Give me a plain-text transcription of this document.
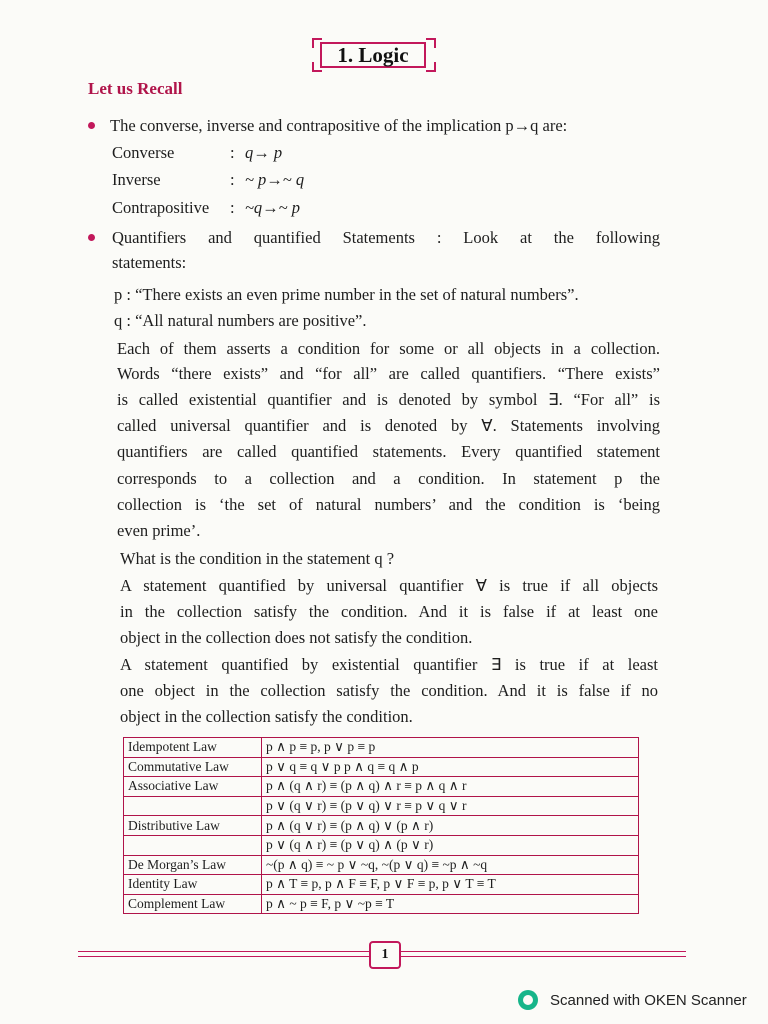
1. Logic
Let us Recall
The converse, inverse and contrapositive of the implication p→q are:
Converse	: q→ p
Inverse	: ~ p→~ q
Contrapositive : ~q→~ p
Quantifiers and quantified Statements : Look at the following
statements:
p : “There exists an even prime number in the set of natural numbers”.
q : “All natural numbers are positive”.
Each of them asserts a condition for some or all objects in a collection.
Words “there exists” and “for all” are called quantifiers. “There exists”
is called existential quantifier and is denoted by symbol ∃. “For all” is
called universal quantifier and is denoted by ∀. Statements involving
quantifiers are called quantified statements. Every quantified statement
corresponds to a collection and a condition. In statement p the
collection is ‘the set of natural numbers’ and the condition is ‘being
even prime’.
What is the condition in the statement q ?
A statement quantified by universal quantifier ∀ is true if all objects
in the collection satisfy the condition. And it is false if at least one
object in the collection does not satisfy the condition.
A statement quantified by existential quantifier ∃ is true if at least
one object in the collection satisfy the condition. And it is false if no
object in the collection satisfy the condition.
Idempotent Law	p ∧ p ≡ p, p ∨ p ≡ p
Commutative Law	p ∨ q ≡ q ∨ p p ∧ q ≡ q ∧ p
Associative Law	p ∧ (q ∧ r) ≡ (p ∧ q) ∧ r ≡ p ∧ q ∧ r
	p ∨ (q ∨ r) ≡ (p ∨ q) ∨ r ≡ p ∨ q ∨ r
Distributive Law	p ∧ (q ∨ r) ≡ (p ∧ q) ∨ (p ∧ r)
	p ∨ (q ∧ r) ≡ (p ∨ q) ∧ (p ∨ r)
De Morgan’s Law	~(p ∧ q) ≡ ~ p ∨ ~q, ~(p ∨ q) ≡ ~p ∧ ~q
Identity Law	p ∧ T ≡ p, p ∧ F ≡ F, p ∨ F ≡ p, p ∨ T ≡ T
Complement Law	p ∧ ~ p ≡ F, p ∨ ~p ≡ T
1
Scanned with OKEN Scanner
